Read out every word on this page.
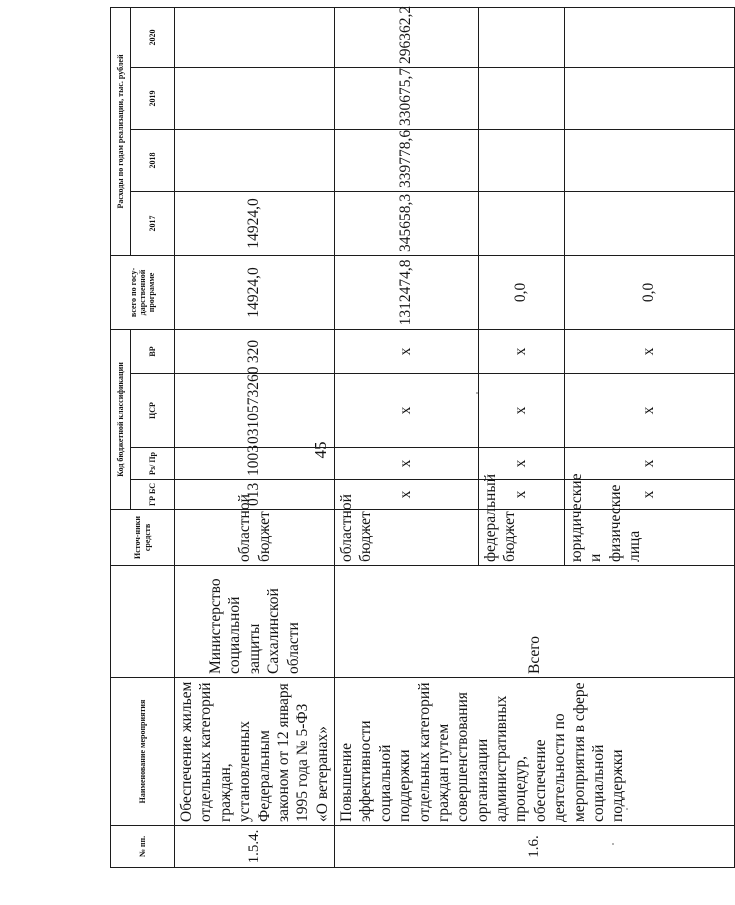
45
№ пп.	Наименование мероприятия		Источ-ники средств	Код бюджетной классификации				всего по госу-дарственной программе	Расходы по годам реализации, тыс. рублей			
				ГР БС	Рз/ Пр	ЦСР	ВР		2017	2018	2019	2020
1.5.4.	Обеспечение жильем отдельных категорий граждан, установленных Федеральным законом от 12 января 1995 года № 5-ФЗ «О ветеранах»	Министерство социальной защиты Сахалинской области	областной бюджет	013	1003	0310573260	320	14924,0	14924,0			
1.6.	Повышение эффективности социальной поддержки отдельных категорий граждан путем совершенствования организации административных процедур, обеспечение деятельности по мероприятия в сфере социальной поддержки	Всего	областной бюджет	х	х	х	х	1312474,8	345658,3	339778,6	330675,7	296362,2
			федеральный бюджет	х	х	х	х	0,0				
			юридические и физические лица	х	х	х	х	0,0				
